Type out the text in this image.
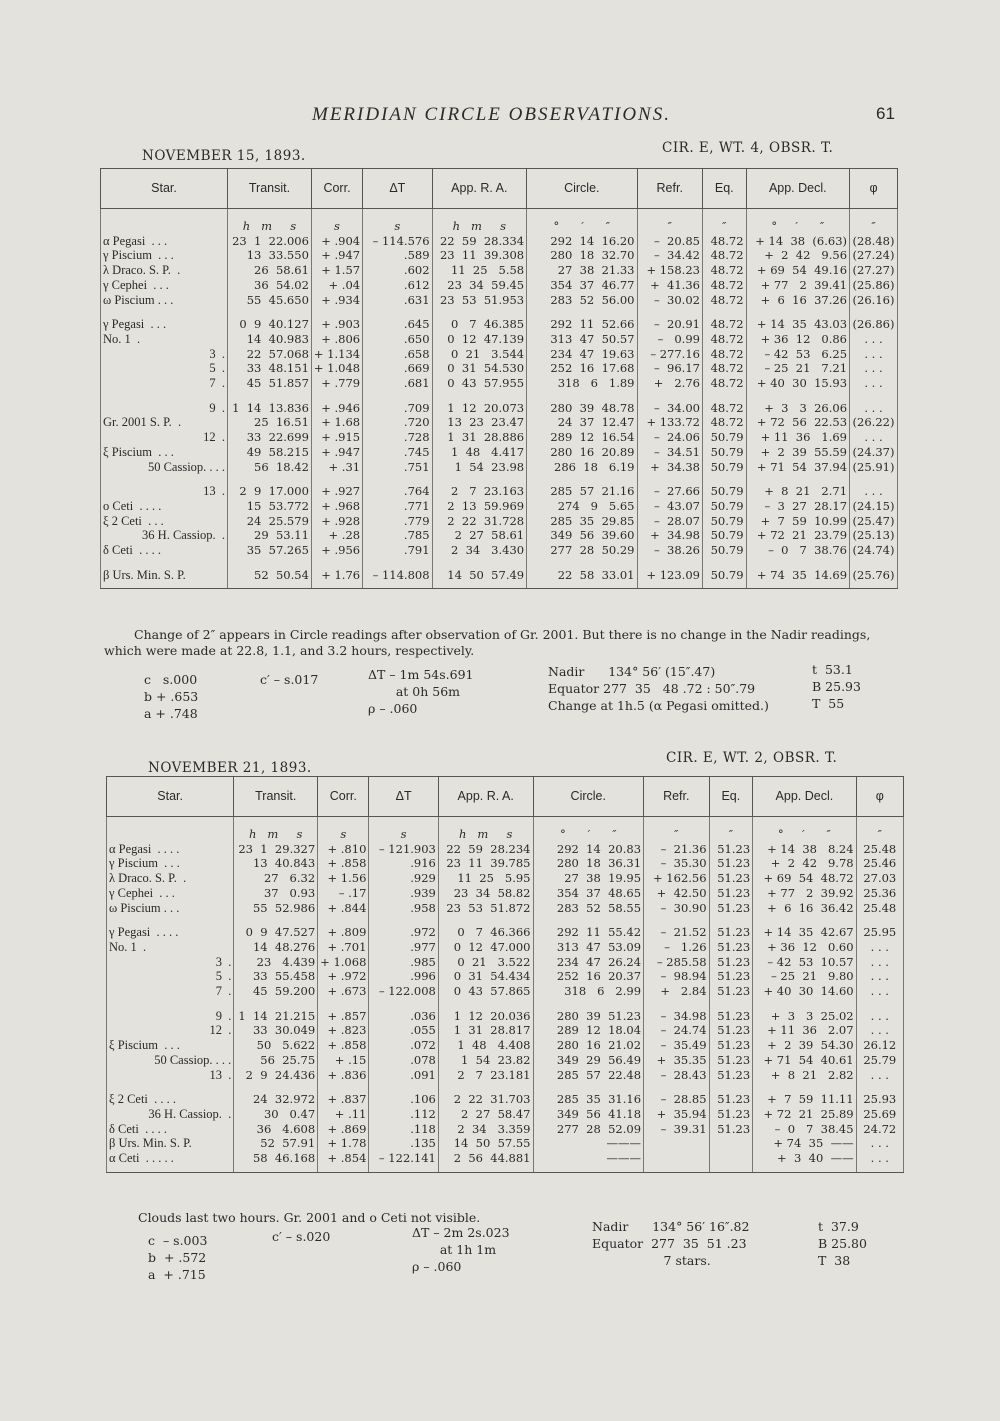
MERIDIAN CIRCLE OBSERVATIONS.	61
NOVEMBER 15, 1893.	CIR. E, WT. 4, OBSR. T.
Star.	Transit.	Corr.	ΔT	App. R. A.	Circle.	Refr.	Eq.	App. Decl.	φ
	h   m     s	s	s	h   m     s	°      ′      ″	″	″	°     ′      ″	″
α Pegasi  . . .	23  1  22.006	+ .904	– 114.576	22  59  28.334	292  14  16.20	–  20.85	48.72	+ 14  38  (6.63)	(28.48)
γ Piscium  . . .	13  33.550	+ .947	.589	23  11  39.308	280  18  32.70	–  34.42	48.72	+  2  42   9.56	(27.24)
λ Draco. S. P.  .	26  58.61	+ 1.57	.602	11  25   5.58	27  38  21.33	+ 158.23	48.72	+ 69  54  49.16	(27.27)
γ Cephei  . . .	36  54.02	+ .04	.612	23  34  59.45	354  37  46.77	+  41.36	48.72	+ 77   2  39.41	(25.86)
ω Piscium . . .	55  45.650	+ .934	.631	23  53  51.953	283  52  56.00	–  30.02	48.72	+  6  16  37.26	(26.16)

γ Pegasi  . . .	0  9  40.127	+ .903	.645	0   7  46.385	292  11  52.66	–  20.91	48.72	+ 14  35  43.03	(26.86)
No. 1  .	14  40.983	+ .806	.650	0  12  47.139	313  47  50.57	–   0.99	48.72	+ 36  12   0.86	. . .
3  .	22  57.068	+ 1.134	.658	0  21   3.544	234  47  19.63	– 277.16	48.72	– 42  53   6.25	. . .
5  .	33  48.151	+ 1.048	.669	0  31  54.530	252  16  17.68	–  96.17	48.72	– 25  21   7.21	. . .
7  .	45  51.857	+ .779	.681	0  43  57.955	318   6   1.89	+   2.76	48.72	+ 40  30  15.93	. . .

9  .	1  14  13.836	+ .946	.709	1  12  20.073	280  39  48.78	–  34.00	48.72	+  3   3  26.06	. . .
Gr. 2001 S. P.  .	25  16.51	+ 1.68	.720	13  23  23.47	24  37  12.47	+ 133.72	48.72	+ 72  56  22.53	(26.22)
12  .	33  22.699	+ .915	.728	1  31  28.886	289  12  16.54	–  24.06	50.79	+ 11  36   1.69	. . .
ξ Piscium  . . .	49  58.215	+ .947	.745	1  48   4.417	280  16  20.89	–  34.51	50.79	+  2  39  55.59	(24.37)
50 Cassiop. . . .	56  18.42	+ .31	.751	1  54  23.98	286  18   6.19	+  34.38	50.79	+ 71  54  37.94	(25.91)

13  .	2  9  17.000	+ .927	.764	2   7  23.163	285  57  21.16	–  27.66	50.79	+  8  21   2.71	. . .
ο Ceti  . . . .	15  53.772	+ .968	.771	2  13  59.969	274   9   5.65	–  43.07	50.79	–  3  27  28.17	(24.15)
ξ 2 Ceti  . . .	24  25.579	+ .928	.779	2  22  31.728	285  35  29.85	–  28.07	50.79	+  7  59  10.99	(25.47)
36 H. Cassiop.  .	29  53.11	+ .28	.785	2  27  58.61	349  56  39.60	+  34.98	50.79	+ 72  21  23.79	(25.13)
δ Ceti  . . . .	35  57.265	+ .956	.791	2  34   3.430	277  28  50.29	–  38.26	50.79	–  0   7  38.76	(24.74)

β Urs. Min. S. P.	52  50.54	+ 1.76	– 114.808	14  50  57.49	22  58  33.01	+ 123.09	50.79	+ 74  35  14.69	(25.76)
Change of 2″ appears in Circle readings after observation of Gr. 2001. But there is no change in the Nadir readings, which were made at 22.8, 1.1, and 3.2 hours, respectively.
c   s.000
b + .653
a + .748
c′ – s.017	ΔT – 1m 54s.691
at 0h 56m
ρ – .060
Nadir      134° 56′ (15″.47)
Equator 277  35   48 .72 : 50″.79
Change at 1h.5 (α Pegasi omitted.)
t  53.1
B 25.93
T  55
NOVEMBER 21, 1893.
CIR. E, WT. 2, OBSR. T.
Star.	Transit.	Corr.	ΔT	App. R. A.	Circle.	Refr.	Eq.	App. Decl.	φ
	h   m     s	s	s	h   m     s	°      ′      ″	″	″	°     ′      ″	″
α Pegasi  . . . .	23  1  29.327	+ .810	– 121.903	22  59  28.234	292  14  20.83	–  21.36	51.23	+ 14  38   8.24	25.48
γ Piscium  . . .	13  40.843	+ .858	.916	23  11  39.785	280  18  36.31	–  35.30	51.23	+  2  42   9.78	25.46
λ Draco. S. P.  .	27   6.32	+ 1.56	.929	11  25   5.95	27  38  19.95	+ 162.56	51.23	+ 69  54  48.72	27.03
γ Cephei  . . .	37   0.93	– .17	.939	23  34  58.82	354  37  48.65	+  42.50	51.23	+ 77   2  39.92	25.36
ω Piscium . . .	55  52.986	+ .844	.958	23  53  51.872	283  52  58.55	–  30.90	51.23	+  6  16  36.42	25.48

γ Pegasi  . . . .	0  9  47.527	+ .809	.972	0   7  46.366	292  11  55.42	–  21.52	51.23	+ 14  35  42.67	25.95
No. 1  .	14  48.276	+ .701	.977	0  12  47.000	313  47  53.09	–   1.26	51.23	+ 36  12   0.60	. . .
3  .	23   4.439	+ 1.068	.985	0  21   3.522	234  47  26.24	– 285.58	51.23	– 42  53  10.57	. . .
5  .	33  55.458	+ .972	.996	0  31  54.434	252  16  20.37	–  98.94	51.23	– 25  21   9.80	. . .
7  .	45  59.200	+ .673	– 122.008	0  43  57.865	318   6   2.99	+   2.84	51.23	+ 40  30  14.60	. . .

9  .	1  14  21.215	+ .857	.036	1  12  20.036	280  39  51.23	–  34.98	51.23	+  3   3  25.02	. . .
12  .	33  30.049	+ .823	.055	1  31  28.817	289  12  18.04	–  24.74	51.23	+ 11  36   2.07	. . .
ξ Piscium  . . .	50   5.622	+ .858	.072	1  48   4.408	280  16  21.02	–  35.49	51.23	+  2  39  54.30	26.12
50 Cassiop. . . .	56  25.75	+ .15	.078	1  54  23.82	349  29  56.49	+  35.35	51.23	+ 71  54  40.61	25.79
13  .	2  9  24.436	+ .836	.091	2   7  23.181	285  57  22.48	–  28.43	51.23	+  8  21   2.82	. . .

ξ 2 Ceti  . . . .	24  32.972	+ .837	.106	2  22  31.703	285  35  31.16	–  28.85	51.23	+  7  59  11.11	25.93
36 H. Cassiop.  .	30   0.47	+ .11	.112	2  27  58.47	349  56  41.18	+  35.94	51.23	+ 72  21  25.89	25.69
δ Ceti  . . . .	36   4.608	+ .869	.118	2  34   3.359	277  28  52.09	–  39.31	51.23	–  0   7  38.45	24.72
β Urs. Min. S. P.	52  57.91	+ 1.78	.135	14  50  57.55	———			+ 74  35  ——	. . .
α Ceti  . . . . .	58  46.168	+ .854	– 122.141	2  56  44.881	———			+  3  40  ——	. . .
Clouds last two hours. Gr. 2001 and ο Ceti not visible.
c  – s.003
b  + .572
a  + .715
c′ – s.020	ΔT – 2m 2s.023
at 1h 1m
ρ – .060
Nadir      134° 56′ 16″.82
Equator  277  35  51 .23
7 stars.
t  37.9
B 25.80
T  38
